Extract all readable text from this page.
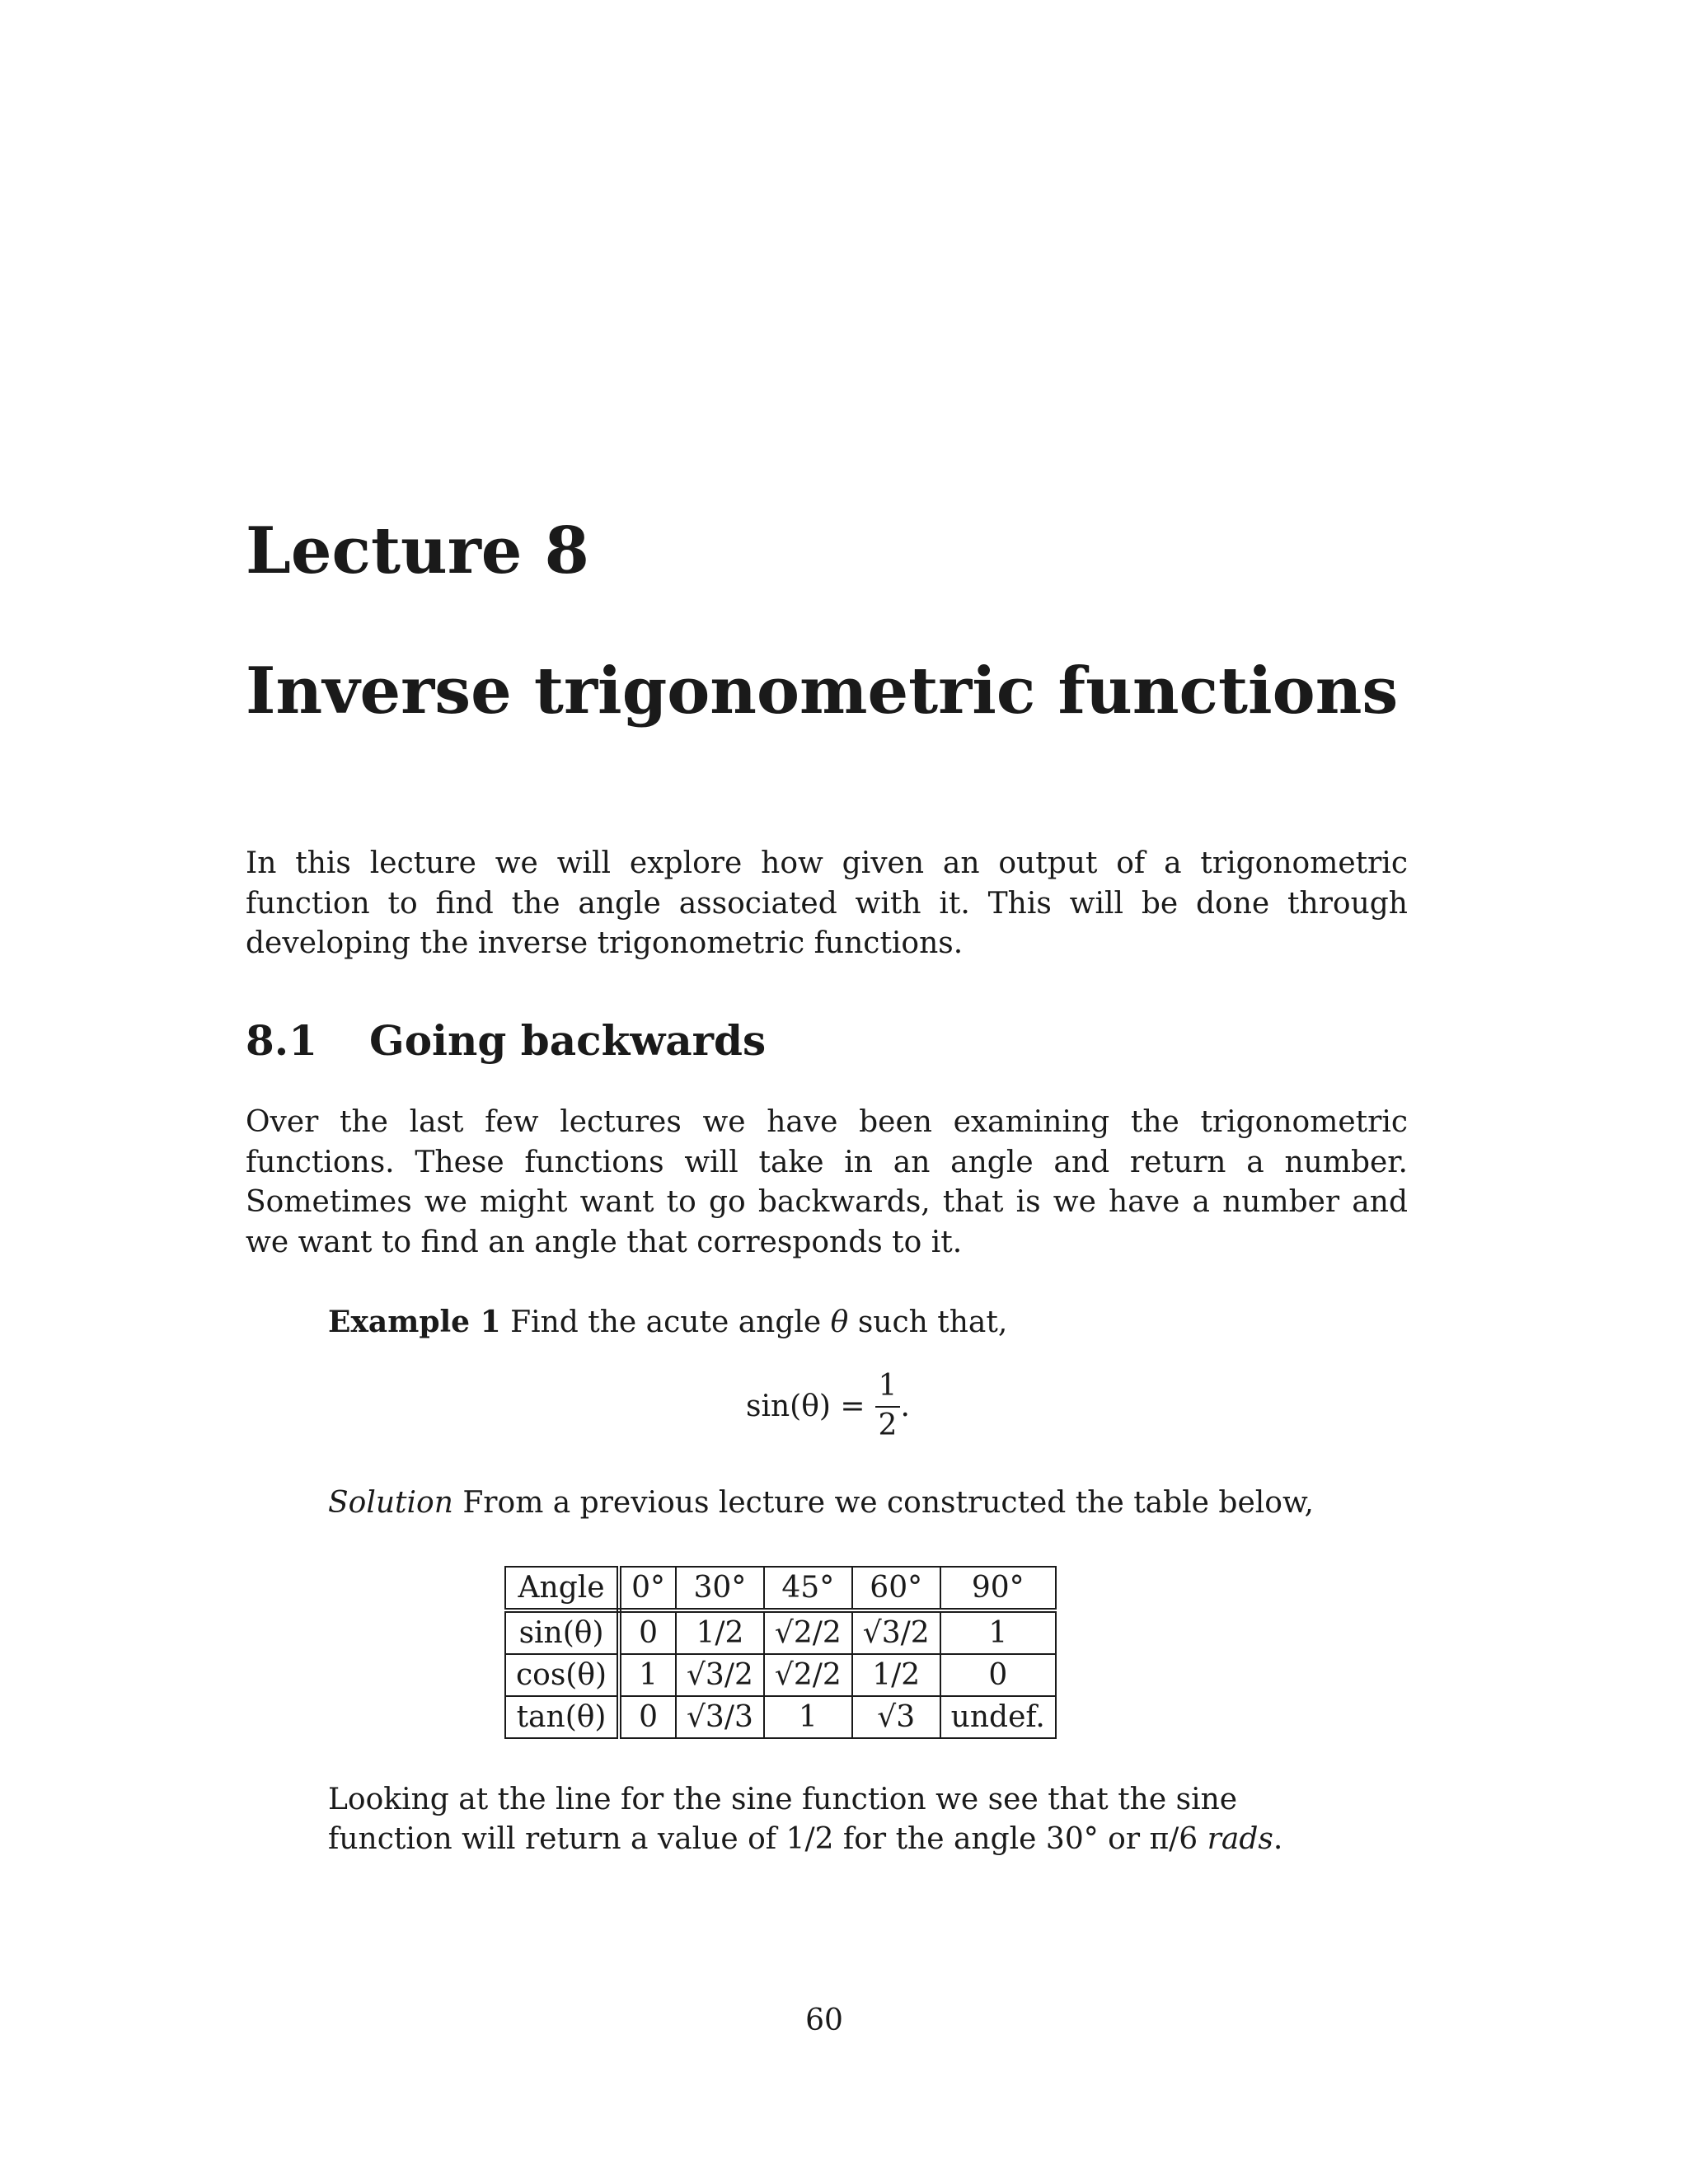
Lecture 8
Inverse trigonometric functions
In this lecture we will explore how given an output of a trigonometric function to find the angle associated with it. This will be done through developing the inverse trigonometric functions.
8.1 Going backwards
Over the last few lectures we have been examining the trigonometric functions. These functions will take in an angle and return a number. Sometimes we might want to go backwards, that is we have a number and we want to find an angle that corresponds to it.
Example 1 Find the acute angle θ such that,
$\sin(\theta) = \frac{1}{2}$ .
Solution From a previous lecture we constructed the table below,
Angle	0°	30°	45°	60°	90°
sin(θ)	0	1/2	√2/2	√3/2	1
cos(θ)	1	√3/2	√2/2	1/2	0
tan(θ)	0	√3/3	1	√3	undef.
Looking at the line for the sine function we see that the sine function will return a value of 1/2 for the angle 30° or π/6 rads.
60
